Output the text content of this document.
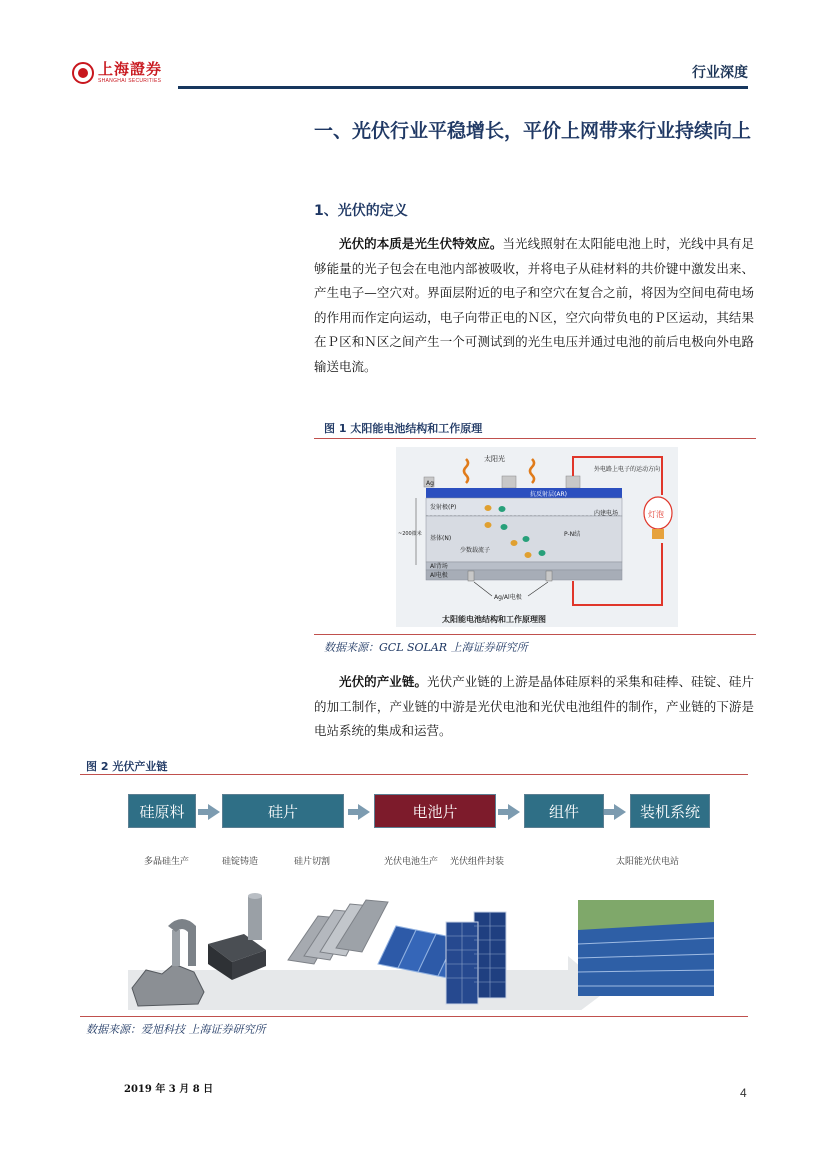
上海證券
SHANGHAI SECURITIES	行业深度
一、光伏行业平稳增长，平价上网带来行业持续向上
1、光伏的定义
光伏的本质是光生伏特效应。当光线照射在太阳能电池上时，光线中具有足够能量的光子包会在电池内部被吸收，并将电子从硅材料的共价键中激发出来、产生电子—空穴对。界面层附近的电子和空穴在复合之前，将因为空间电荷电场的作用而作定向运动，电子向带正电的Ｎ区，空穴向带负电的Ｐ区运动，其结果在Ｐ区和Ｎ区之间产生一个可测试到的光生电压并通过电池的前后电极向外电路输送电流。
图 1 太阳能电池结构和工作原理
太阳光
Ag
抗反射层(AR)
发射极(P)
基体(N)
~200微米
内建电场
P-N结
少数载流子
Al背场
Al电极
Ag/Al电极
外电路上电子的运动方向
灯泡
太阳能电池结构和工作原理图
数据来源：GCL SOLAR 上海证券研究所
光伏的产业链。光伏产业链的上游是晶体硅原料的采集和硅棒、硅锭、硅片的加工制作，产业链的中游是光伏电池和光伏电池组件的制作，产业链的下游是电站系统的集成和运营。
图 2 光伏产业链
硅原料	硅片	电池片	组件	装机系统
多晶硅生产	硅锭铸造	硅片切割	光伏电池生产 光伏组件封装	太阳能光伏电站
数据来源：爱旭科技 上海证券研究所
2019 年 3 月 8 日	4
